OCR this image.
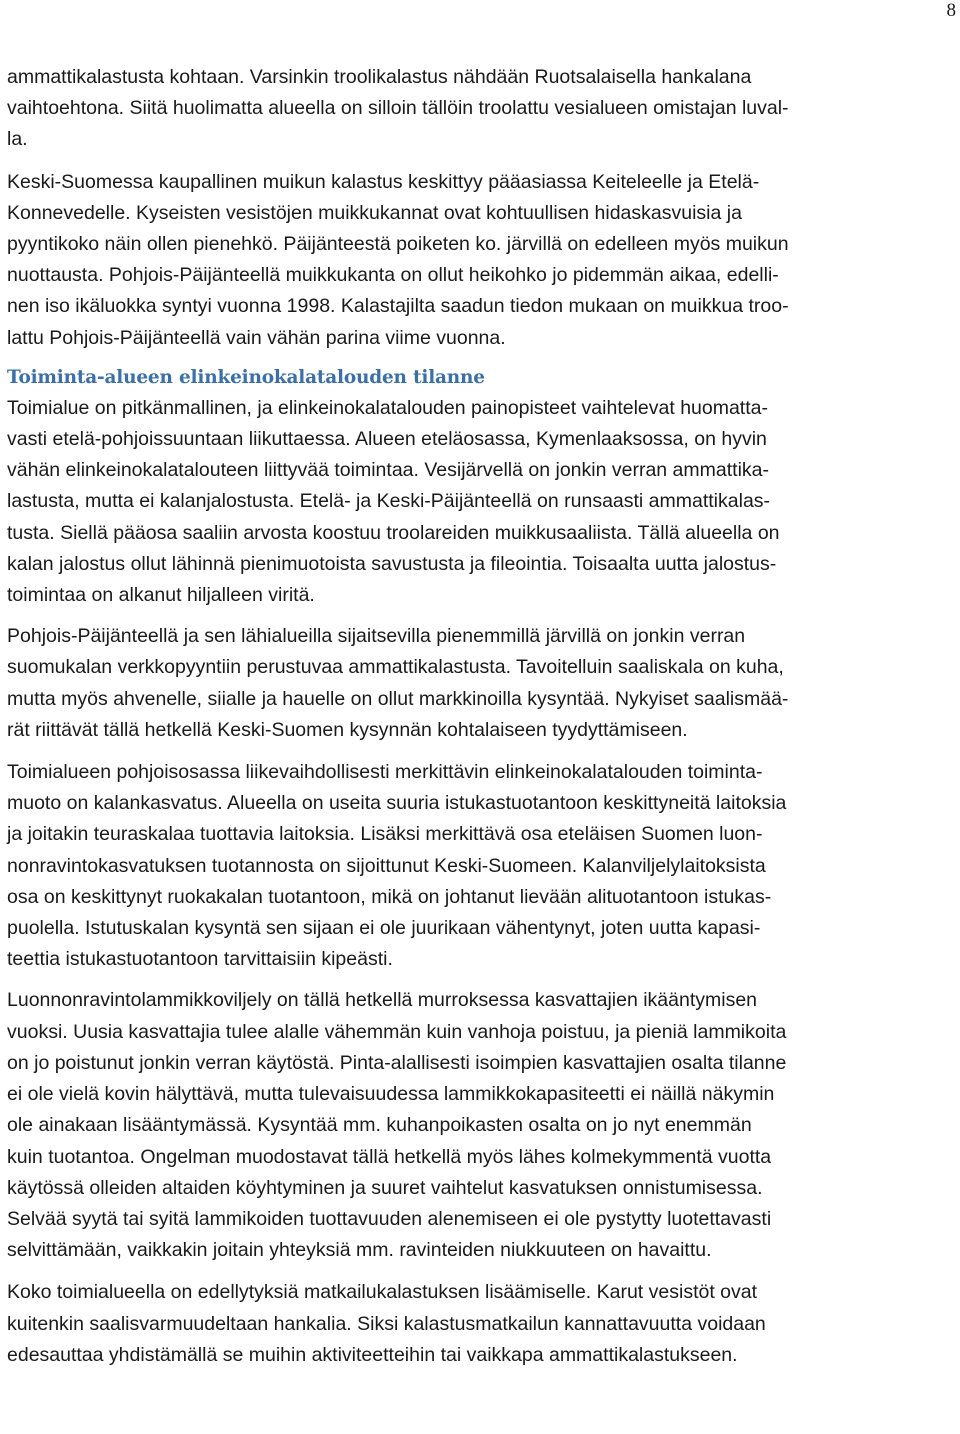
8

ammattikalastusta kohtaan. Varsinkin troolikalastus nähdään Ruotsalaisella hankalana
vaihtoehtona. Siitä huolimatta alueella on silloin tällöin troolattu vesialueen omistajan luval-
la.

Keski-Suomessa kaupallinen muikun kalastus keskittyy pääasiassa Keiteleelle ja Etelä-
Konnevedelle. Kyseisten vesistöjen muikkukannat ovat kohtuullisen hidaskasvuisia ja
pyyntikoko näin ollen pienehkö. Päijänteestä poiketen ko. järvillä on edelleen myös muikun
nuottausta. Pohjois-Päijänteellä muikkukanta on ollut heikohko jo pidemmän aikaa, edelli-
nen iso ikäluokka syntyi vuonna 1998. Kalastajilta saadun tiedon mukaan on muikkua troo-
lattu Pohjois-Päijänteellä vain vähän parina viime vuonna.

Toiminta-alueen elinkeinokalatalouden tilanne

Toimialue on pitkänmallinen, ja elinkeinokalatalouden painopisteet vaihtelevat huomatta-
vasti etelä-pohjoissuuntaan liikuttaessa. Alueen eteläosassa, Kymenlaaksossa, on hyvin
vähän elinkeinokalatalouteen liittyvää toimintaa. Vesijärvellä on jonkin verran ammattika-
lastusta, mutta ei kalanjalostusta. Etelä- ja Keski-Päijänteellä on runsaasti ammattikalas-
tusta. Siellä pääosa saaliin arvosta koostuu troolareiden muikkusaaliista. Tällä alueella on
kalan jalostus ollut lähinnä pienimuotoista savustusta ja fileointia. Toisaalta uutta jalostus-
toimintaa on alkanut hiljalleen viritä.

Pohjois-Päijänteellä ja sen lähialueilla sijaitsevilla pienemmillä järvillä on jonkin verran
suomukalan verkkopyyntiin perustuvaa ammattikalastusta. Tavoitelluin saaliskala on kuha,
mutta myös ahvenelle, siialle ja hauelle on ollut markkinoilla kysyntää. Nykyiset saalismää-
rät riittävät tällä hetkellä Keski-Suomen kysynnän kohtalaiseen tyydyttämiseen.

Toimialueen pohjoisosassa liikevaihdollisesti merkittävin elinkeinokalatalouden toiminta-
muoto on kalankasvatus. Alueella on useita suuria istukastuotantoon keskittyneitä laitoksia
ja joitakin teuraskalaa tuottavia laitoksia. Lisäksi merkittävä osa eteläisen Suomen luon-
nonravintokasvatuksen tuotannosta on sijoittunut Keski-Suomeen. Kalanviljelylaitoksista
osa on keskittynyt ruokakalan tuotantoon, mikä on johtanut lievään alituotantoon istukas-
puolella. Istutuskalan kysyntä sen sijaan ei ole juurikaan vähentynyt, joten uutta kapasi-
teettia istukastuotantoon tarvittaisiin kipeästi.

Luonnonravintolammikkoviljely on tällä hetkellä murroksessa kasvattajien ikääntymisen
vuoksi. Uusia kasvattajia tulee alalle vähemmän kuin vanhoja poistuu, ja pieniä lammikoita
on jo poistunut jonkin verran käytöstä. Pinta-alallisesti isoimpien kasvattajien osalta tilanne
ei ole vielä kovin hälyttävä, mutta tulevaisuudessa lammikkokapasiteetti ei näillä näkymin
ole ainakaan lisääntymässä. Kysyntää mm. kuhanpoikasten osalta on jo nyt enemmän
kuin tuotantoa. Ongelman muodostavat tällä hetkellä myös lähes kolmekymmentä vuotta
käytössä olleiden altaiden köyhtyminen ja suuret vaihtelut kasvatuksen onnistumisessa.
Selvää syytä tai syitä lammikoiden tuottavuuden alenemiseen ei ole pystytty luotettavasti
selvittämään, vaikkakin joitain yhteyksiä mm. ravinteiden niukkuuteen on havaittu.

Koko toimialueella on edellytyksiä matkailukalastuksen lisäämiselle. Karut vesistöt ovat
kuitenkin saalisvarmuudeltaan hankalia. Siksi kalastusmatkailun kannattavuutta voidaan
edesauttaa yhdistämällä se muihin aktiviteetteihin tai vaikkapa ammattikalastukseen.
